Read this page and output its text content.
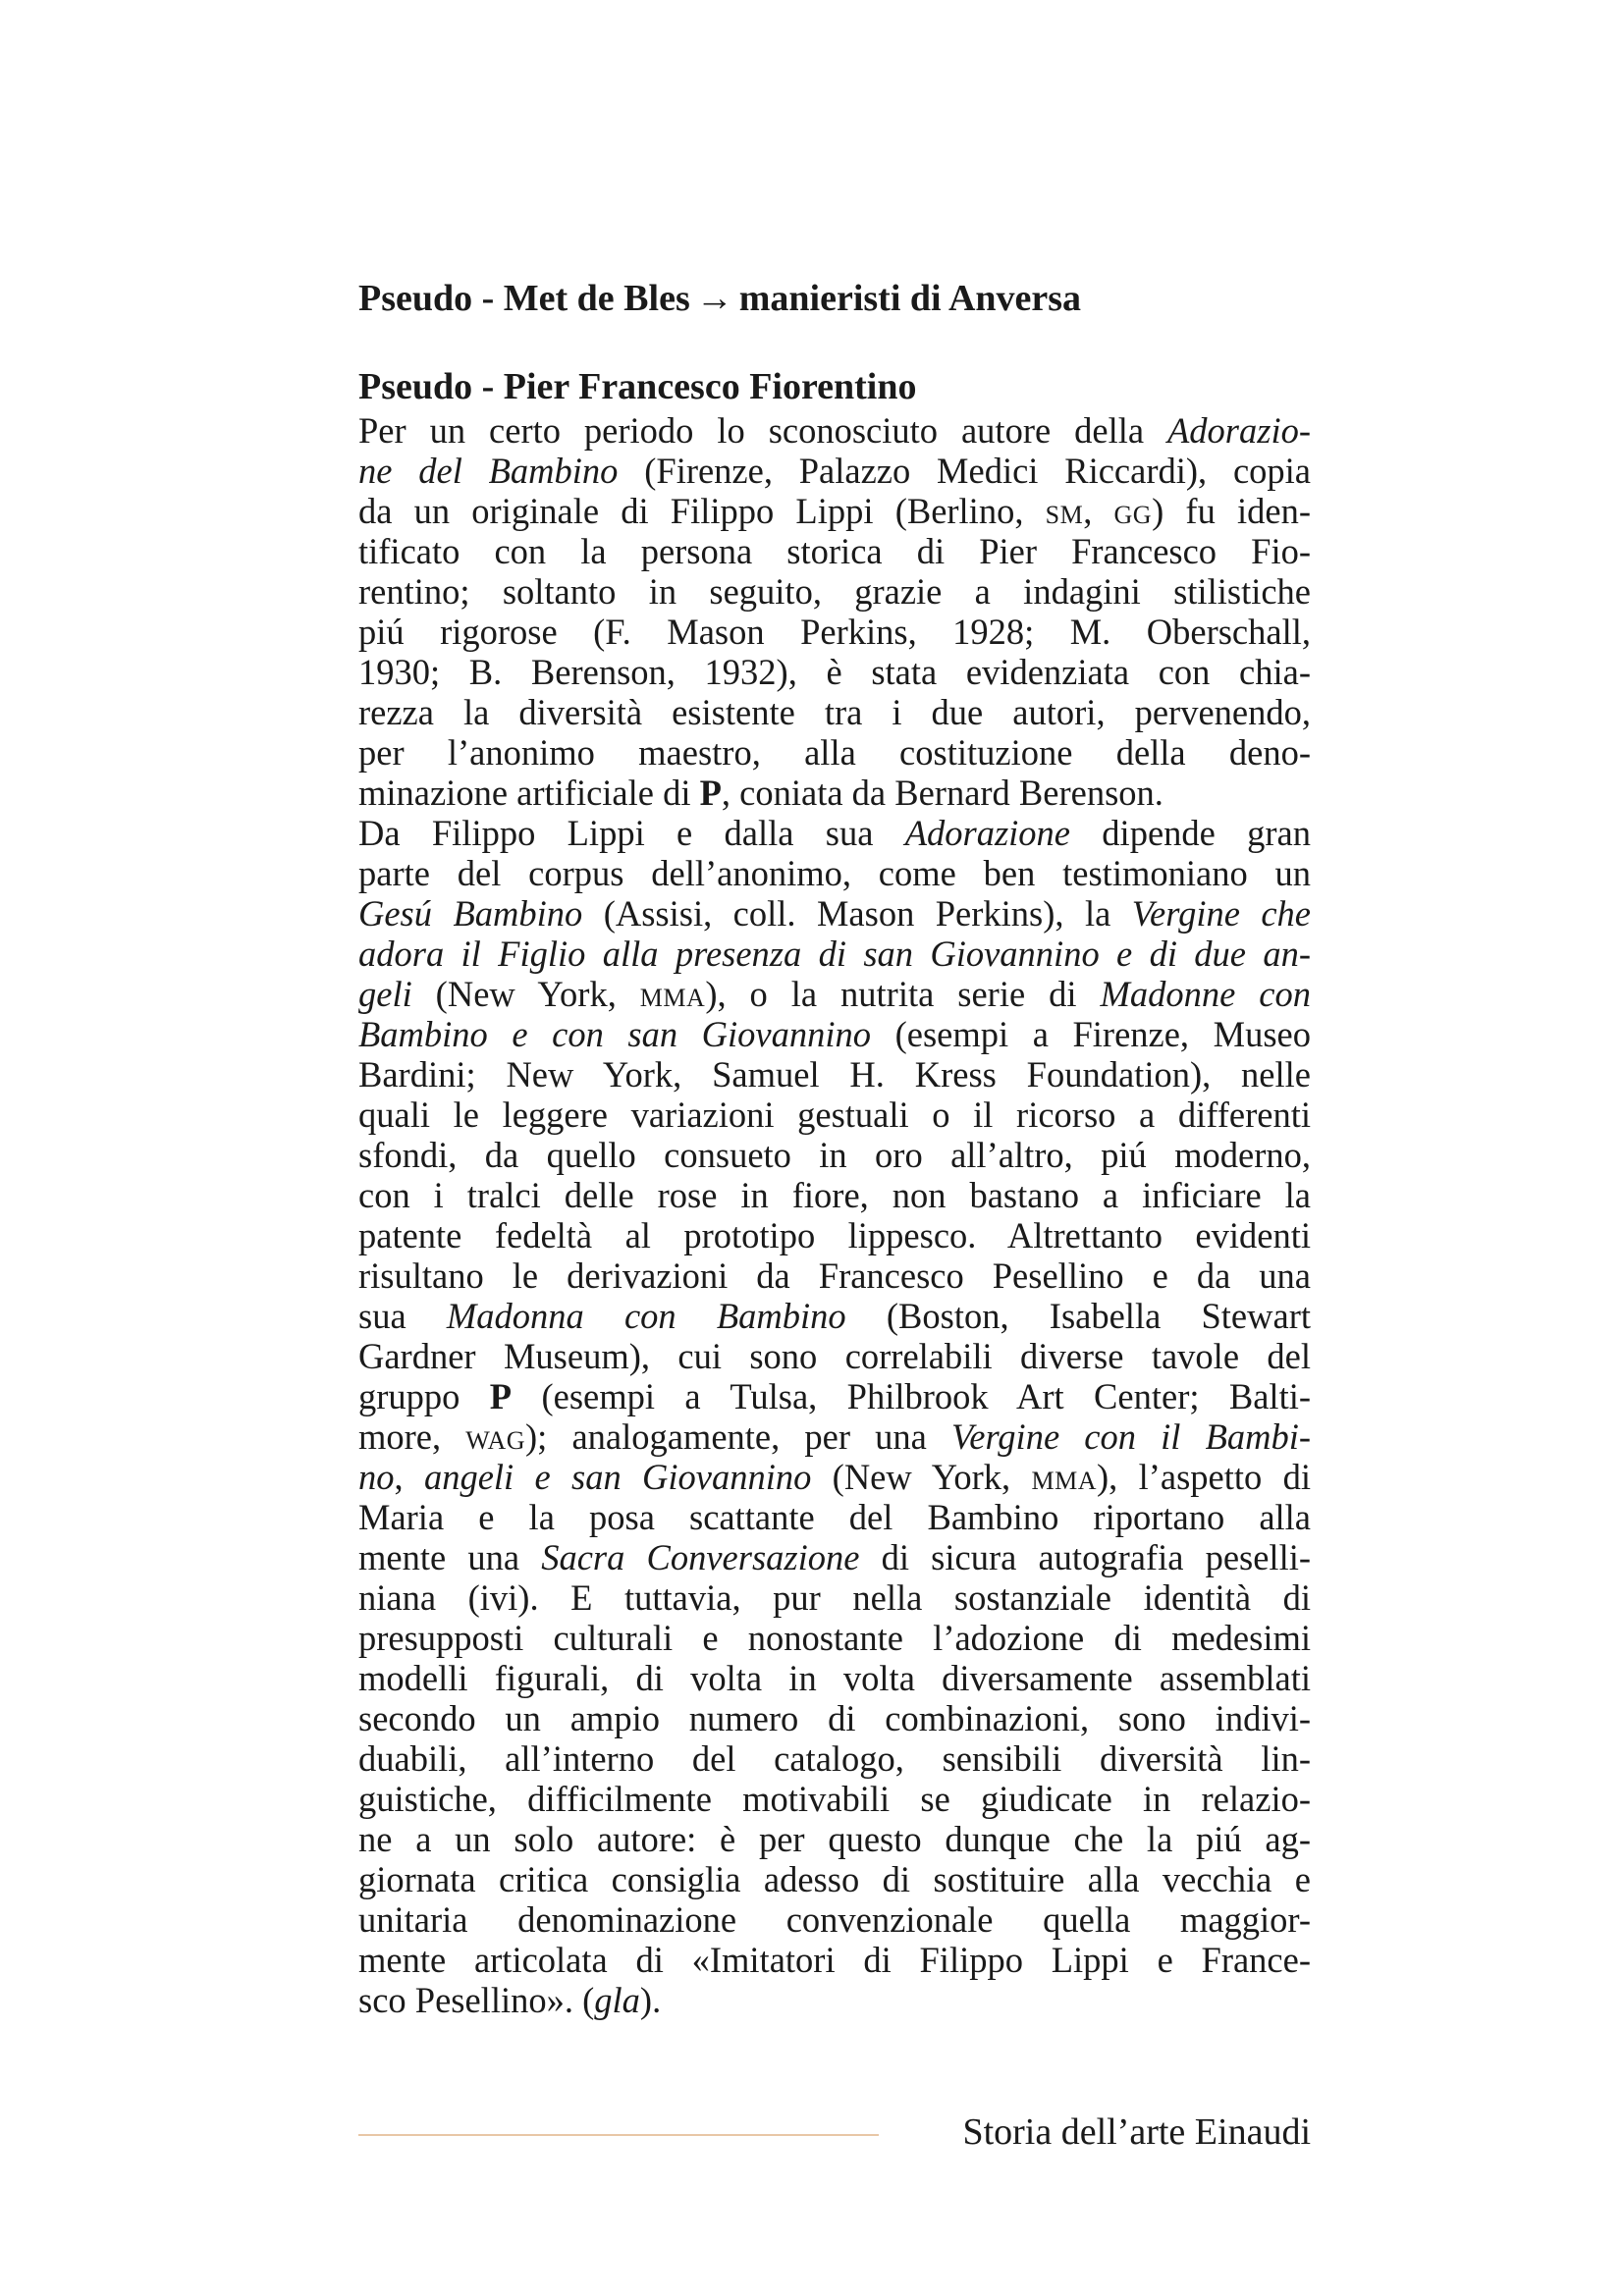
Pseudo - Met de Bles → manieristi di Anversa
Pseudo - Pier Francesco Fiorentino
Per un certo periodo lo sconosciuto autore della Adorazio-
ne del Bambino (Firenze, Palazzo Medici Riccardi), copia
da un originale di Filippo Lippi (Berlino, sm, gg) fu iden-
tificato con la persona storica di Pier Francesco Fio-
rentino; soltanto in seguito, grazie a indagini stilistiche
piú rigorose (F. Mason Perkins, 1928; M. Oberschall,
1930; B. Berenson, 1932), è stata evidenziata con chia-
rezza la diversità esistente tra i due autori, pervenendo,
per l’anonimo maestro, alla costituzione della deno-
minazione artificiale di P, coniata da Bernard Berenson.
Da Filippo Lippi e dalla sua Adorazione dipende gran
parte del corpus dell’anonimo, come ben testimoniano un
Gesú Bambino (Assisi, coll. Mason Perkins), la Vergine che
adora il Figlio alla presenza di san Giovannino e di due an-
geli (New York, mma), o la nutrita serie di Madonne con
Bambino e con san Giovannino (esempi a Firenze, Museo
Bardini; New York, Samuel H. Kress Foundation), nelle
quali le leggere variazioni gestuali o il ricorso a differenti
sfondi, da quello consueto in oro all’altro, piú moderno,
con i tralci delle rose in fiore, non bastano a inficiare la
patente fedeltà al prototipo lippesco. Altrettanto evidenti
risultano le derivazioni da Francesco Pesellino e da una
sua Madonna con Bambino (Boston, Isabella Stewart
Gardner Museum), cui sono correlabili diverse tavole del
gruppo P (esempi a Tulsa, Philbrook Art Center; Balti-
more, wag); analogamente, per una Vergine con il Bambi-
no, angeli e san Giovannino (New York, mma), l’aspetto di
Maria e la posa scattante del Bambino riportano alla
mente una Sacra Conversazione di sicura autografia peselli-
niana (ivi). E tuttavia, pur nella sostanziale identità di
presupposti culturali e nonostante l’adozione di medesimi
modelli figurali, di volta in volta diversamente assemblati
secondo un ampio numero di combinazioni, sono indivi-
duabili, all’interno del catalogo, sensibili diversità lin-
guistiche, difficilmente motivabili se giudicate in relazio-
ne a un solo autore: è per questo dunque che la piú ag-
giornata critica consiglia adesso di sostituire alla vecchia e
unitaria denominazione convenzionale quella maggior-
mente articolata di «Imitatori di Filippo Lippi e France-
sco Pesellino». (gla).
Storia dell’arte Einaudi
